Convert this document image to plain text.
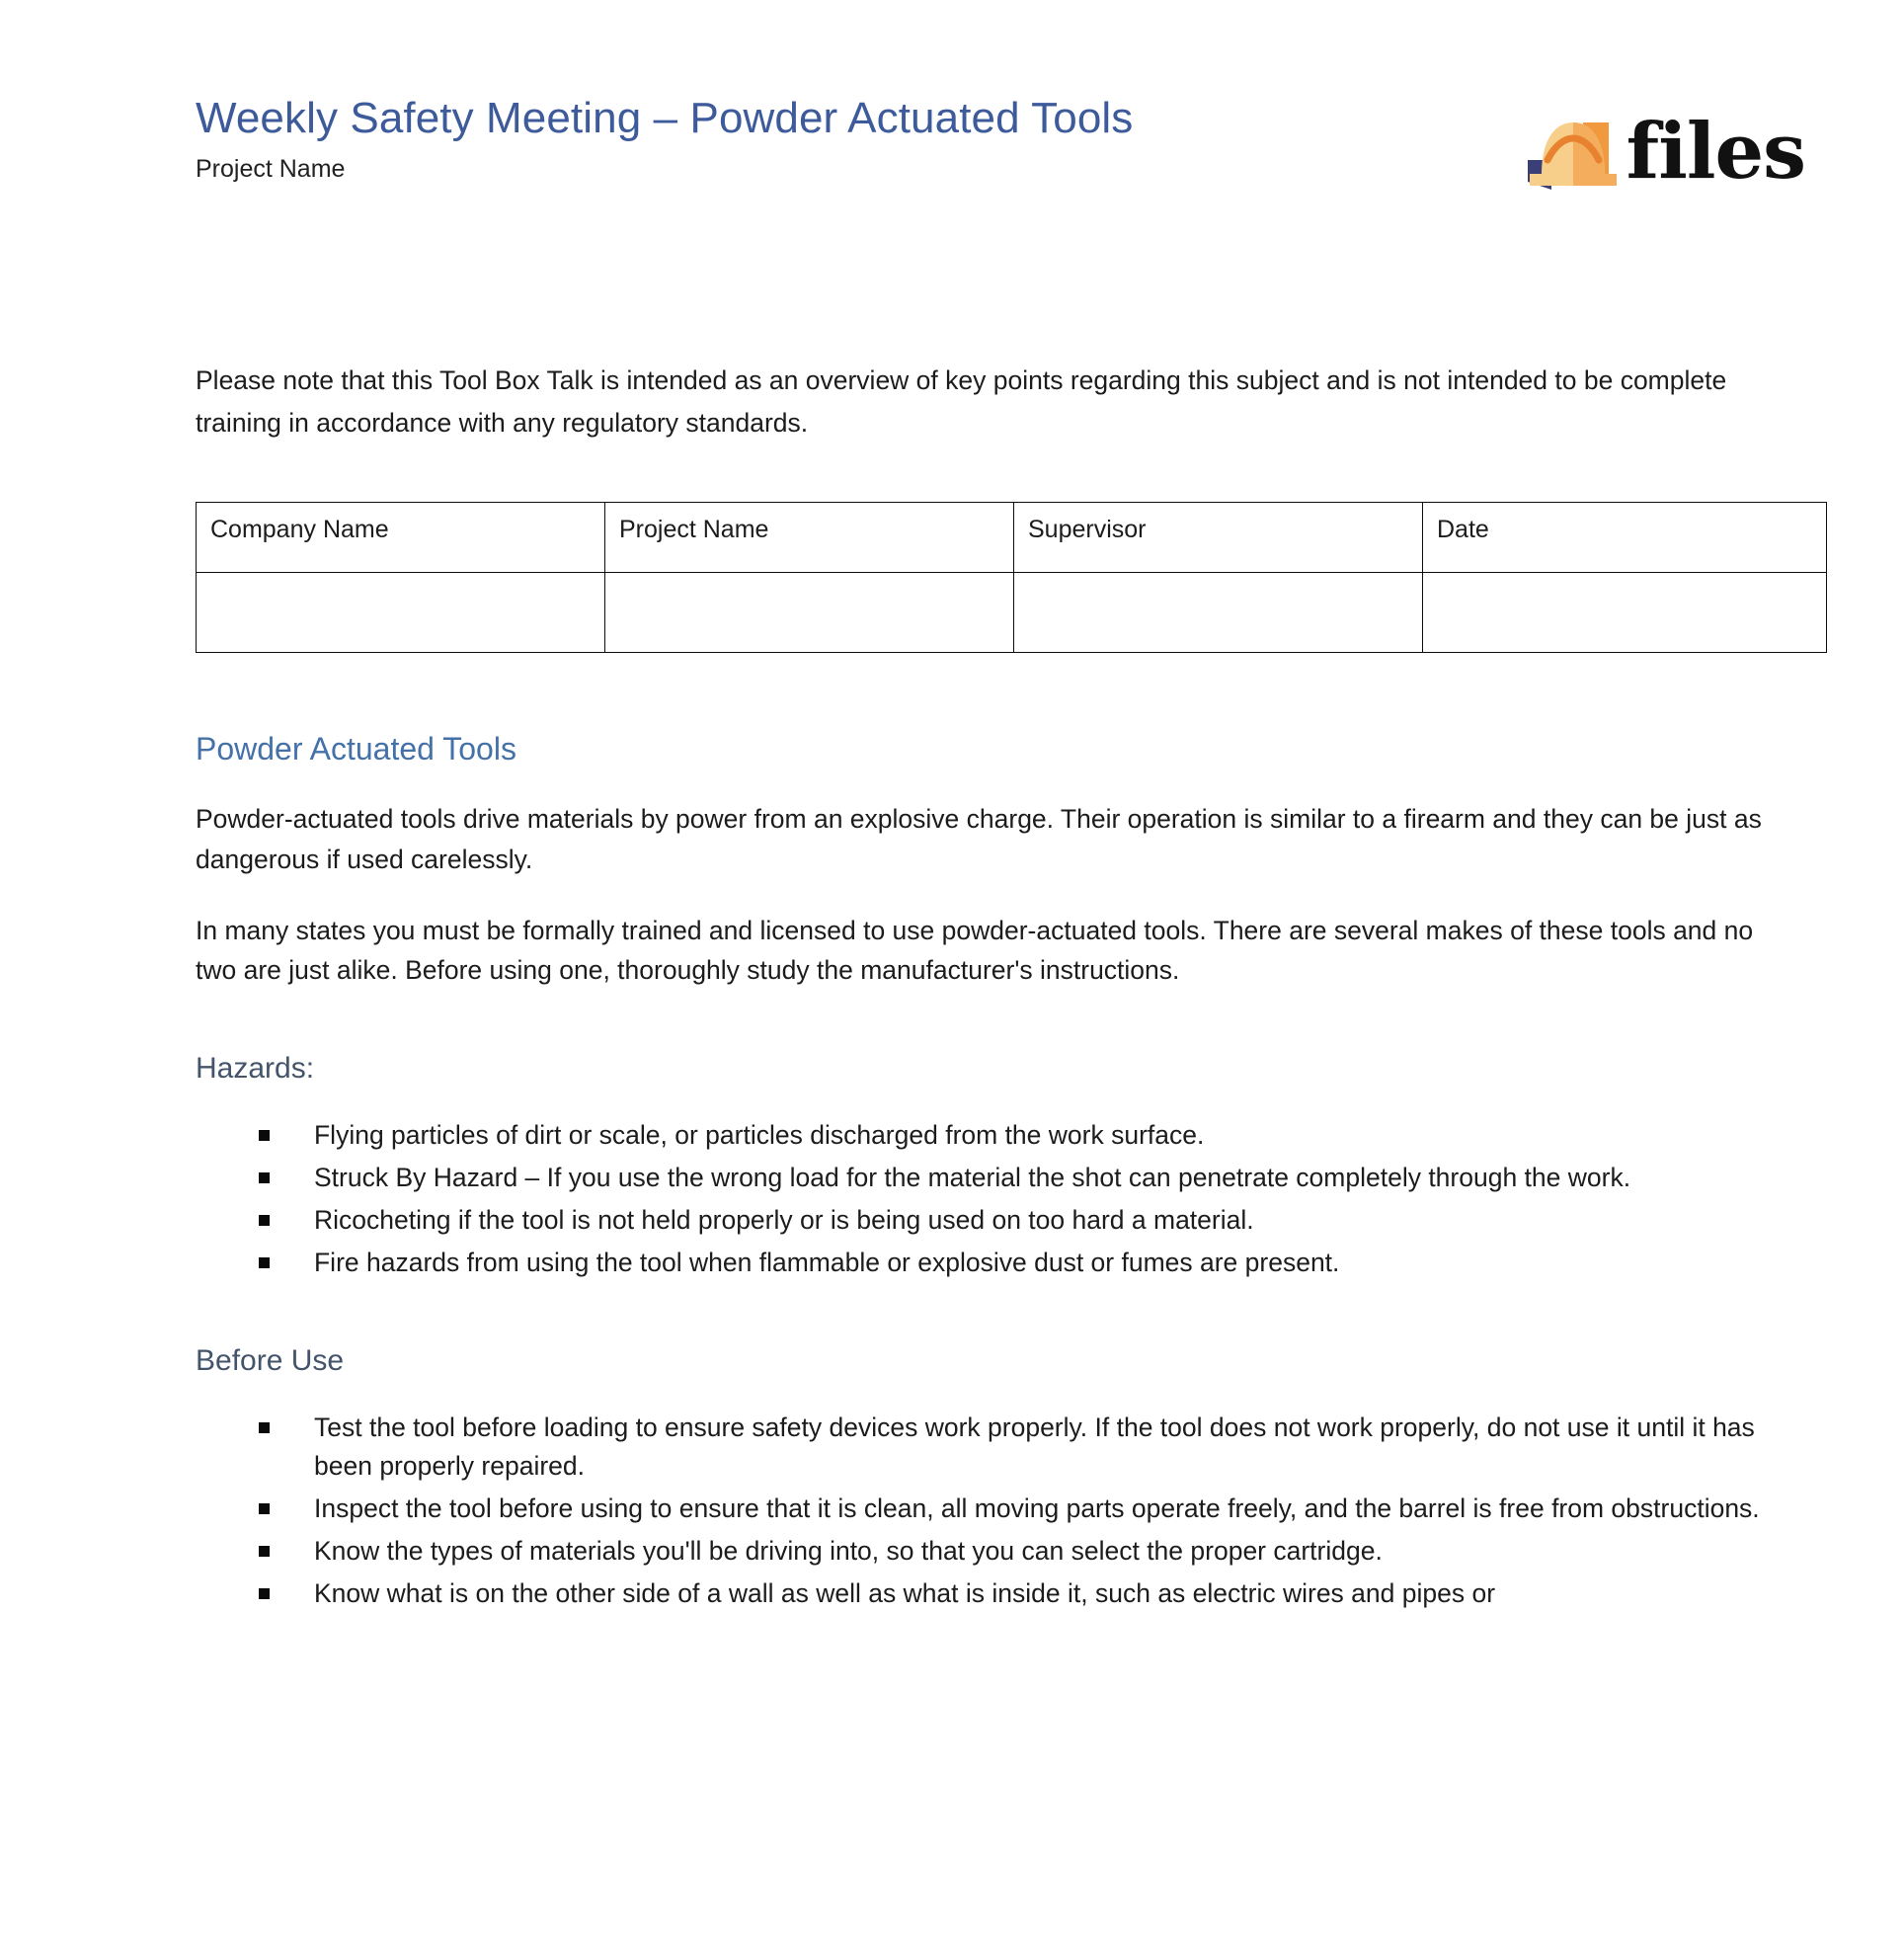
Weekly Safety Meeting – Powder Actuated Tools
Project Name	files

Please note that this Tool Box Talk is intended as an overview of key points regarding this subject and is not intended to be complete training in accordance with any regulatory standards.

Company Name	Project Name	Supervisor	Date

Powder Actuated Tools

Powder-actuated tools drive materials by power from an explosive charge. Their operation is similar to a firearm and they can be just as dangerous if used carelessly.

In many states you must be formally trained and licensed to use powder-actuated tools. There are several makes of these tools and no two are just alike. Before using one, thoroughly study the manufacturer's instructions.

Hazards:
Flying particles of dirt or scale, or particles discharged from the work surface.
Struck By Hazard – If you use the wrong load for the material the shot can penetrate completely through the work.
Ricocheting if the tool is not held properly or is being used on too hard a material.
Fire hazards from using the tool when flammable or explosive dust or fumes are present.
Before Use
Test the tool before loading to ensure safety devices work properly. If the tool does not work properly, do not use it until it has been properly repaired.
Inspect the tool before using to ensure that it is clean, all moving parts operate freely, and the barrel is free from obstructions.
Know the types of materials you'll be driving into, so that you can select the proper cartridge.
Know what is on the other side of a wall as well as what is inside it, such as electric wires and pipes or
